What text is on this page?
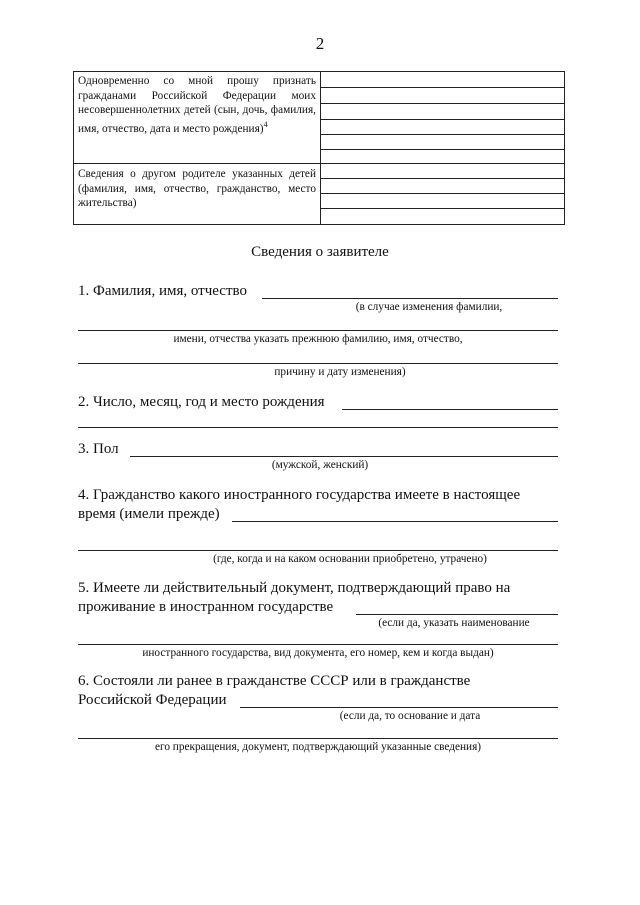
2
Одновременно со мной прошу признать гражданами Российской Федерации моих несовершеннолетних детей (сын, дочь, фамилия, имя, отчество, дата и место рождения)$^4$
Сведения о другом родителе указанных детей (фамилия, имя, отчество, гражданство, место жительства)
Сведения о заявителе
1. Фамилия, имя, отчество
(в случае изменения фамилии,
имени, отчества указать прежнюю фамилию, имя, отчество,
причину и дату изменения)
2. Число, месяц, год и место рождения
3. Пол
(мужской, женский)
4. Гражданство какого иностранного государства имеете в настоящее
время (имели прежде)
(где, когда и на каком основании приобретено, утрачено)
5. Имеете ли действительный документ, подтверждающий право на
проживание в иностранном государстве
(если да, указать наименование
иностранного государства, вид документа, его номер, кем и когда выдан)
6. Состояли ли ранее в гражданстве СССР или в гражданстве
Российской Федерации
(если да, то основание и дата
его прекращения, документ, подтверждающий указанные сведения)
